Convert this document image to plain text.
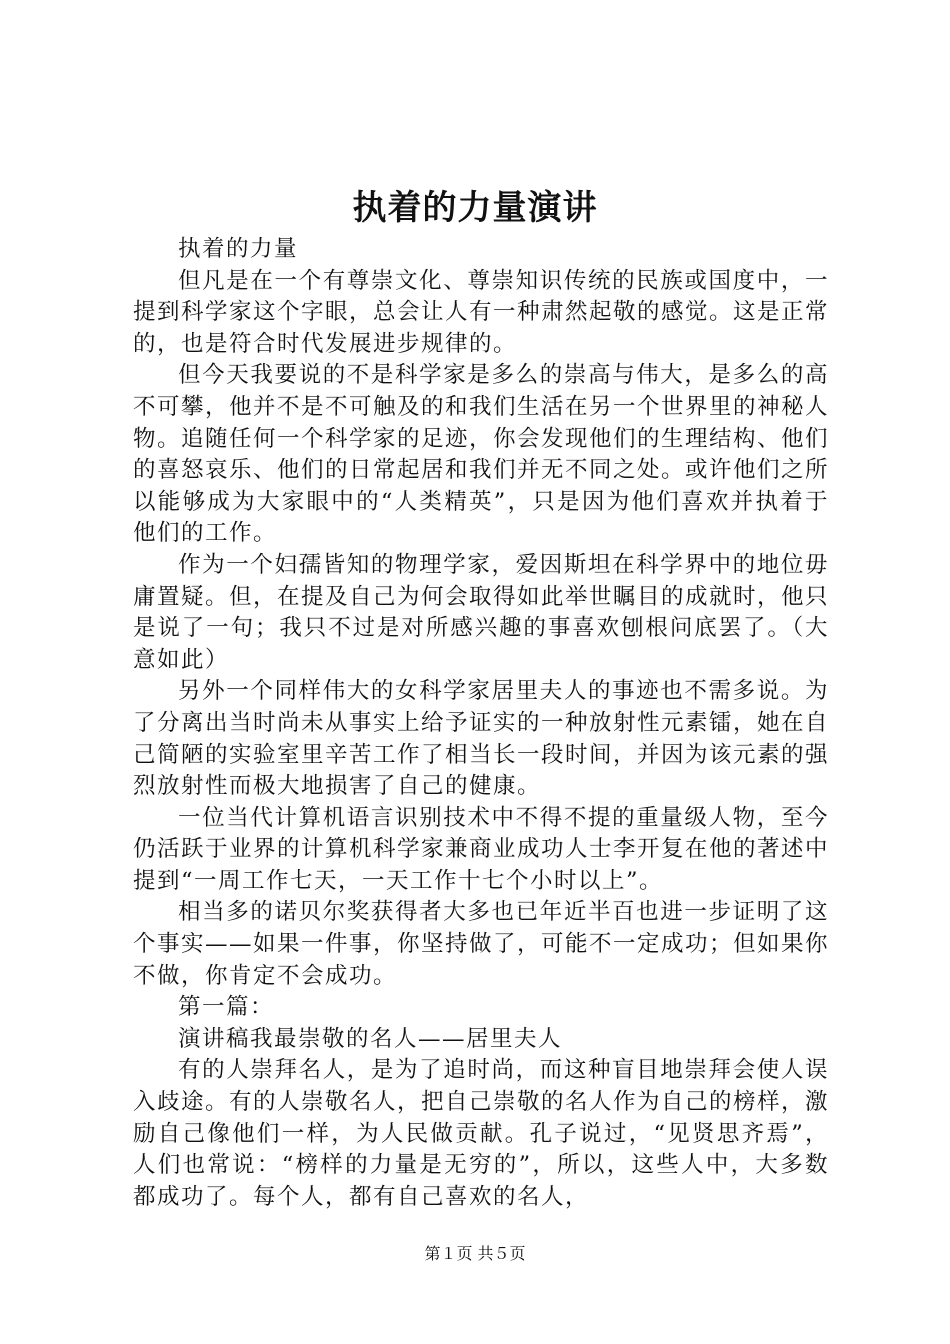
执着的力量演讲

执着的力量

但凡是在一个有尊崇文化、尊崇知识传统的民族或国度中，一提到科学家这个字眼，总会让人有一种肃然起敬的感觉。这是正常的，也是符合时代发展进步规律的。

但今天我要说的不是科学家是多么的崇高与伟大，是多么的高不可攀，他并不是不可触及的和我们生活在另一个世界里的神秘人物。追随任何一个科学家的足迹，你会发现他们的生理结构、他们的喜怒哀乐、他们的日常起居和我们并无不同之处。或许他们之所以能够成为大家眼中的“人类精英”，只是因为他们喜欢并执着于他们的工作。

作为一个妇孺皆知的物理学家，爱因斯坦在科学界中的地位毋庸置疑。但，在提及自己为何会取得如此举世瞩目的成就时，他只是说了一句；我只不过是对所感兴趣的事喜欢刨根问底罢了。（大意如此）

另外一个同样伟大的女科学家居里夫人的事迹也不需多说。为了分离出当时尚未从事实上给予证实的一种放射性元素镭，她在自己简陋的实验室里辛苦工作了相当长一段时间，并因为该元素的强烈放射性而极大地损害了自己的健康。

一位当代计算机语言识别技术中不得不提的重量级人物，至今仍活跃于业界的计算机科学家兼商业成功人士李开复在他的著述中提到“一周工作七天，一天工作十七个小时以上”。

相当多的诺贝尔奖获得者大多也已年近半百也进一步证明了这个事实——如果一件事，你坚持做了，可能不一定成功；但如果你不做，你肯定不会成功。

第一篇：

演讲稿我最崇敬的名人——居里夫人

有的人崇拜名人，是为了追时尚，而这种盲目地崇拜会使人误入歧途。有的人崇敬名人，把自己崇敬的名人作为自己的榜样，激励自己像他们一样，为人民做贡献。孔子说过，“见贤思齐焉”，人们也常说：“榜样的力量是无穷的”，所以，这些人中，大多数都成功了。每个人，都有自己喜欢的名人，

第１页 共５页
